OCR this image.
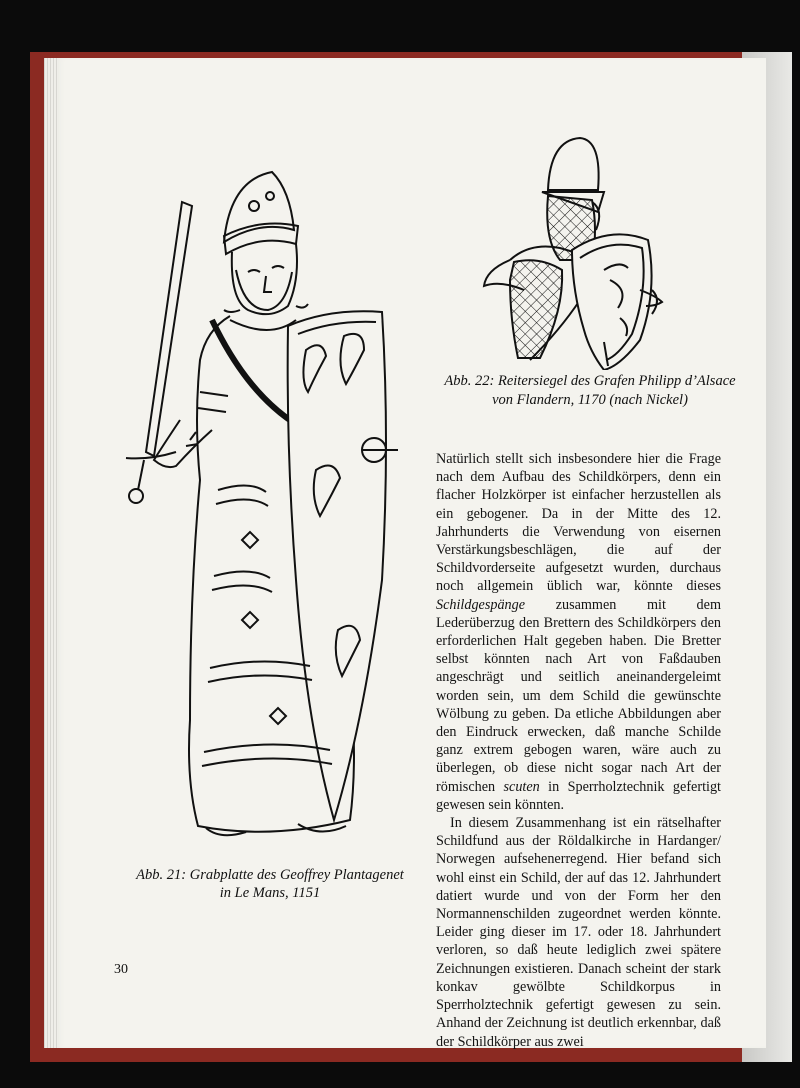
Abb. 22: Reitersiegel des Grafen Philipp d’Alsace
von Flandern, 1170 (nach Nickel)
Abb. 21: Grabplatte des Geoffrey Plantagenet
in Le Mans, 1151

Natürlich stellt sich insbesondere hier die Frage nach dem Aufbau des Schildkörpers, denn ein flacher Holzkörper ist einfacher herzustellen als ein gebogener. Da in der Mitte des 12. Jahrhunderts die Verwendung von eisernen Verstärkungsbeschlägen, die auf der Schildvorderseite aufgesetzt wurden, durchaus noch allgemein üblich war, könnte dieses Schildgespänge zusammen mit dem Lederüberzug den Brettern des Schildkörpers den erforderlichen Halt gegeben haben. Die Bretter selbst könnten nach Art von Faßdauben angeschrägt und seitlich aneinandergeleimt worden sein, um dem Schild die gewünschte Wölbung zu geben. Da etliche Abbildungen aber den Eindruck erwecken, daß manche Schilde ganz extrem gebogen waren, wäre auch zu überlegen, ob diese nicht sogar nach Art der römischen scuten in Sperrholztechnik gefertigt gewesen sein könnten.

In diesem Zusammenhang ist ein rätselhafter Schildfund aus der Röldalkirche in Hardanger/ Norwegen aufsehenerregend. Hier befand sich wohl einst ein Schild, der auf das 12. Jahrhundert datiert wurde und von der Form her den Normannenschilden zugeordnet werden könnte. Leider ging dieser im 17. oder 18. Jahrhundert verloren, so daß heute lediglich zwei spätere Zeichnungen existieren. Danach scheint der stark konkav gewölbte Schildkorpus in Sperrholztechnik gefertigt gewesen zu sein. Anhand der Zeichnung ist deutlich erkennbar, daß der Schildkörper aus zwei

30
